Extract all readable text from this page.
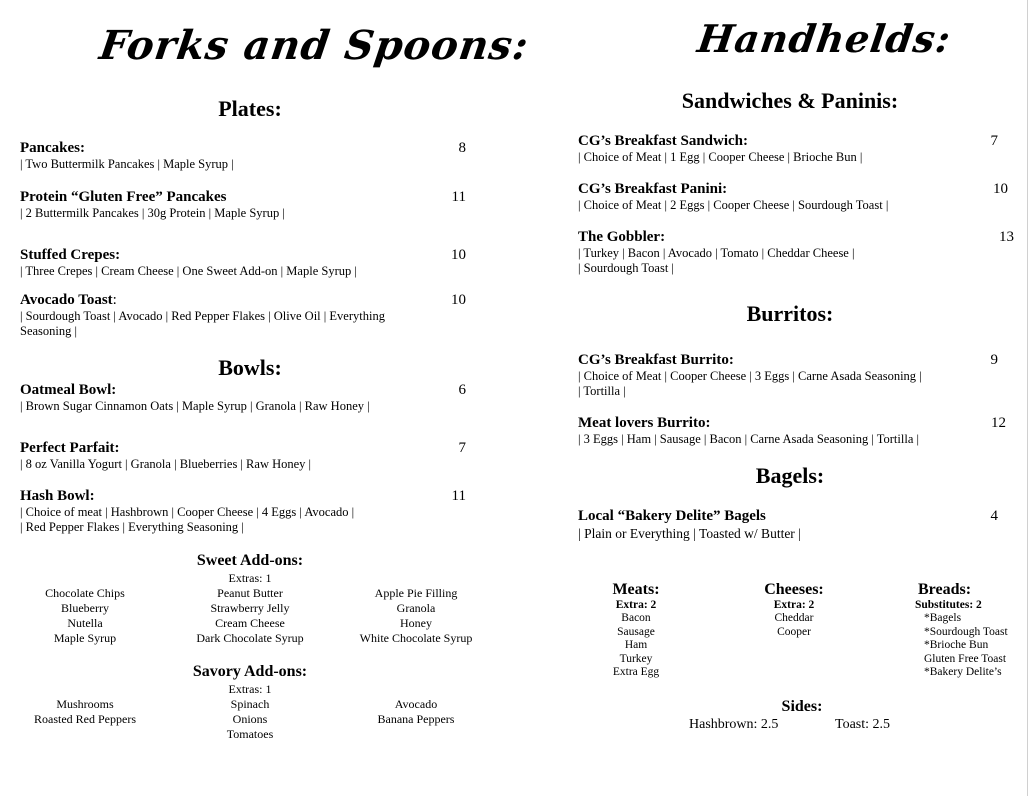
Forks and Spoons:
Plates:
Pancakes:
| Two Buttermilk Pancakes | Maple Syrup |
8
Protein “Gluten Free” Pancakes
| 2 Buttermilk Pancakes | 30g Protein | Maple Syrup |
11
Stuffed Crepes:
| Three Crepes | Cream Cheese | One Sweet Add-on | Maple Syrup |
10
Avocado Toast:
| Sourdough Toast | Avocado | Red Pepper Flakes | Olive Oil | Everything
Seasoning |
10
Bowls:
Oatmeal Bowl:
| Brown Sugar Cinnamon Oats | Maple Syrup | Granola | Raw Honey |
6
Perfect Parfait:
| 8 oz Vanilla Yogurt | Granola | Blueberries | Raw Honey |
7
Hash Bowl:
| Choice of meat | Hashbrown | Cooper Cheese | 4 Eggs | Avocado |
| Red Pepper Flakes | Everything Seasoning |
11
Sweet Add-ons:
Extras: 1
Chocolate Chips
Blueberry
Nutella
Maple Syrup
Peanut Butter
Strawberry Jelly
Cream Cheese
Dark Chocolate Syrup
Apple Pie Filling
Granola
Honey
White Chocolate Syrup
Savory Add-ons:
Extras: 1
Mushrooms
Roasted Red Peppers
Spinach
Onions
Tomatoes
Avocado
Banana Peppers
Handhelds:
Sandwiches & Paninis:
CG’s Breakfast Sandwich:
| Choice of Meat | 1 Egg | Cooper Cheese | Brioche Bun |
7
CG’s Breakfast Panini:
| Choice of Meat | 2 Eggs | Cooper Cheese | Sourdough Toast |
10
The Gobbler:
| Turkey | Bacon | Avocado | Tomato | Cheddar Cheese |
| Sourdough Toast |
13
Burritos:
CG’s Breakfast Burrito:
| Choice of Meat | Cooper Cheese | 3 Eggs | Carne Asada Seasoning |
| Tortilla |
9
Meat lovers Burrito:
| 3 Eggs | Ham | Sausage | Bacon | Carne Asada Seasoning | Tortilla |
12
Bagels:
Local “Bakery Delite” Bagels
| Plain or Everything | Toasted w/ Butter |
4
Meats:
Extra: 2
Bacon
Sausage
Ham
Turkey
Extra Egg
Cheeses:
Extra: 2
Cheddar
Cooper
Breads:
Substitutes: 2
*Bagels
*Sourdough Toast
*Brioche Bun
Gluten Free Toast
*Bakery Delite’s
Sides:
Hashbrown: 2.5	Toast: 2.5
